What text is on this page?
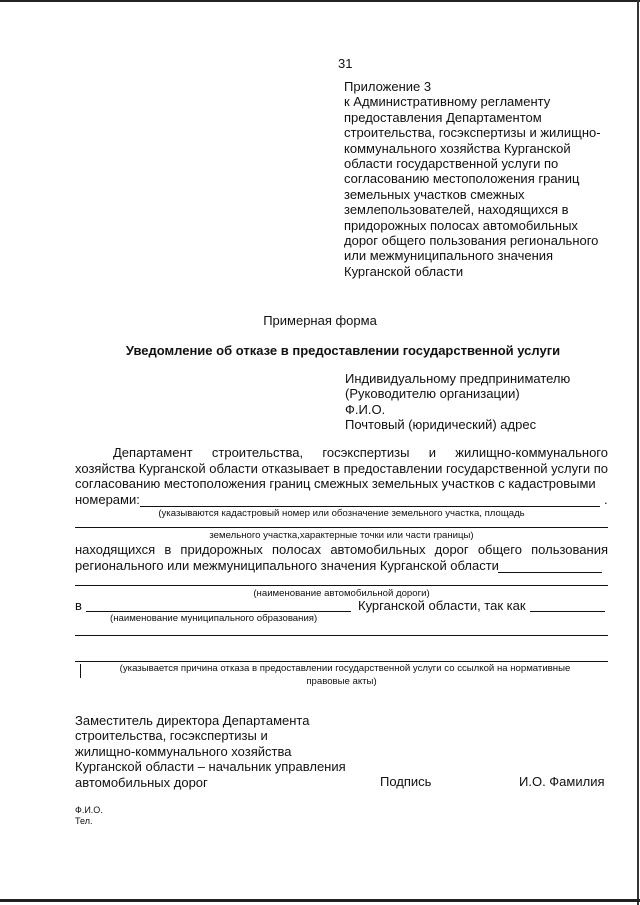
31
Приложение 3
к Административному регламенту
предоставления Департаментом
строительства, госэкспертизы и жилищно-
коммунального хозяйства Курганской
области государственной услуги по
согласованию местоположения границ
земельных участков смежных
землепользователей, находящихся в
придорожных полосах автомобильных
дорог общего пользования регионального
или межмуниципального значения
Курганской области
Примерная форма
Уведомление об отказе в предоставлении государственной услуги
Индивидуальному предпринимателю
(Руководителю организации)
Ф.И.О.
Почтовый (юридический) адрес
Департамент строительства, госэкспертизы и жилищно-коммунального хозяйства Курганской области отказывает в предоставлении государственной услуги по согласованию местоположения границ смежных земельных участков с кадастровыми
номерами:	.
(указываются кадастровый номер или обозначение земельного участка, площадь
земельного участка,характерные точки или части границы)
находящихся в придорожных полосах автомобильных дорог общего пользования
регионального или межмуниципального значения Курганской области
(наименование автомобильной дороги)
в	Курганской области, так как
(наименование муниципального образования)
(указывается причина отказа в предоставлении государственной услуги со ссылкой на нормативные
правовые акты)
Заместитель директора Департамента
строительства, госэкспертизы и
жилищно-коммунального хозяйства
Курганской области – начальник управления
автомобильных дорог	Подпись	И.О. Фамилия
Ф.И.О.
Тел.
